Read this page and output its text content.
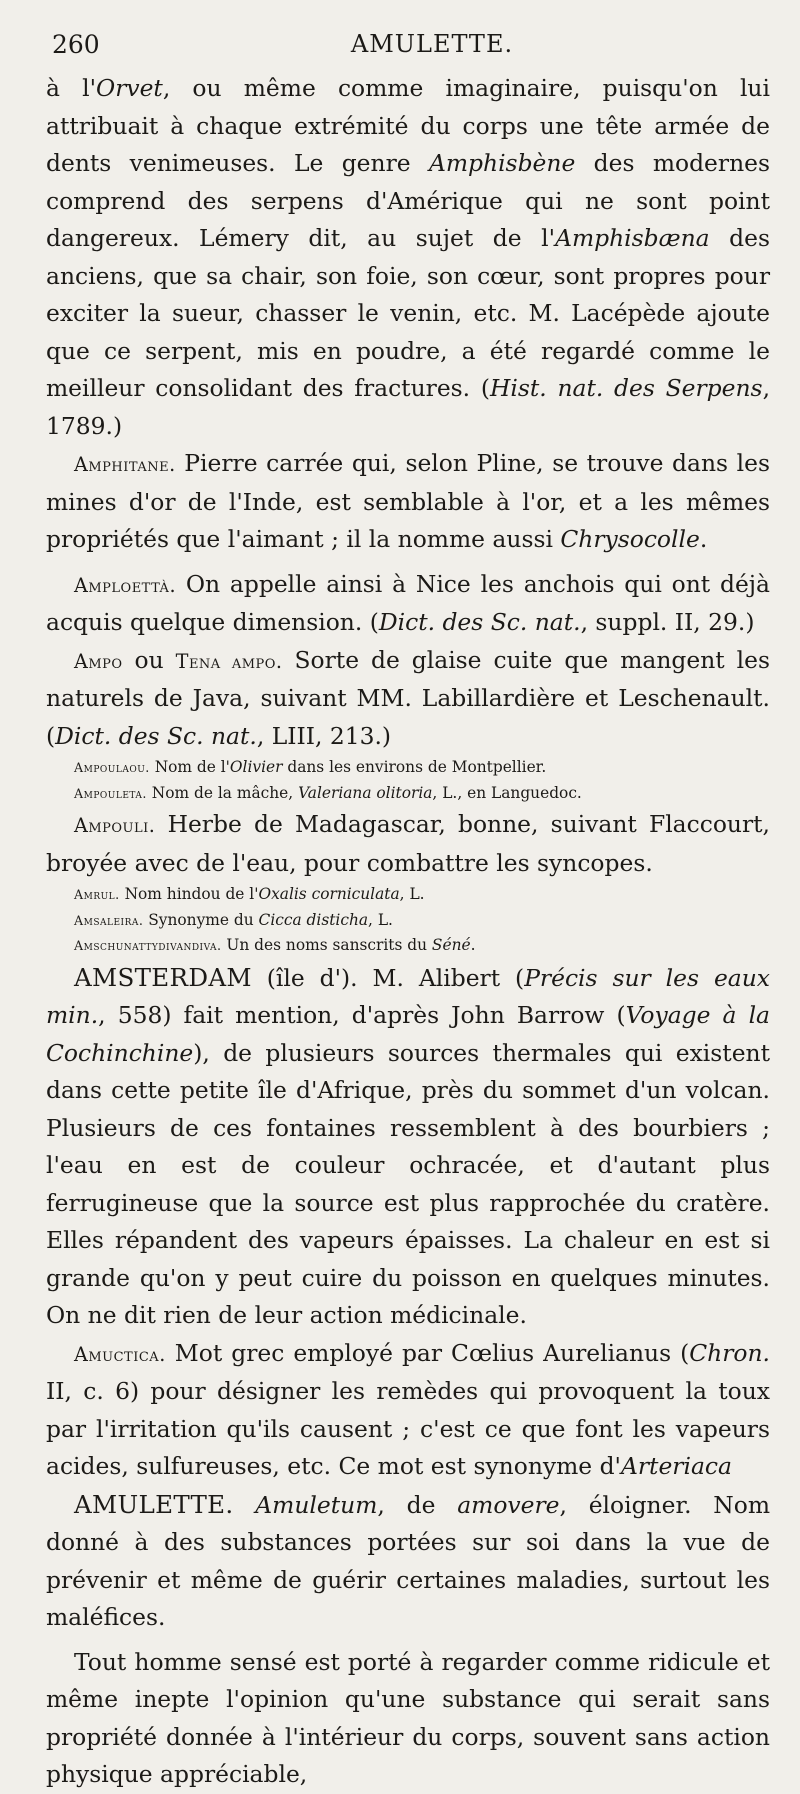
260	AMULETTE.

à l'Orvet, ou même comme imaginaire, puisqu'on lui attribuait à chaque extrémité du corps une tête armée de dents venimeuses. Le genre Amphisbène des modernes comprend des serpens d'Amérique qui ne sont point dangereux. Lémery dit, au sujet de l'Amphisbæna des anciens, que sa chair, son foie, son cœur, sont propres pour exciter la sueur, chasser le venin, etc. M. Lacépède ajoute que ce serpent, mis en poudre, a été regardé comme le meilleur consolidant des fractures. (Hist. nat. des Serpens, 1789.)

Amphitane. Pierre carrée qui, selon Pline, se trouve dans les mines d'or de l'Inde, est semblable à l'or, et a les mêmes propriétés que l'aimant ; il la nomme aussi Chrysocolle.

Amploettà. On appelle ainsi à Nice les anchois qui ont déjà acquis quelque dimension. (Dict. des Sc. nat., suppl. II, 29.)

Ampo ou Tena ampo. Sorte de glaise cuite que mangent les naturels de Java, suivant MM. Labillardière et Leschenault. (Dict. des Sc. nat., LIII, 213.)

Ampoulaou. Nom de l'Olivier dans les environs de Montpellier.

Ampouleta. Nom de la mâche, Valeriana olitoria, L., en Languedoc.

Ampouli. Herbe de Madagascar, bonne, suivant Flaccourt, broyée avec de l'eau, pour combattre les syncopes.

Amrul. Nom hindou de l'Oxalis corniculata, L.

Amsaleira. Synonyme du Cicca disticha, L.

Amschunattydivandiva. Un des noms sanscrits du Séné.

AMSTERDAM (île d'). M. Alibert (Précis sur les eaux min., 558) fait mention, d'après John Barrow (Voyage à la Cochinchine), de plusieurs sources thermales qui existent dans cette petite île d'Afrique, près du sommet d'un volcan. Plusieurs de ces fontaines ressemblent à des bourbiers ; l'eau en est de couleur ochracée, et d'autant plus ferrugineuse que la source est plus rapprochée du cratère. Elles répandent des vapeurs épaisses. La chaleur en est si grande qu'on y peut cuire du poisson en quelques minutes. On ne dit rien de leur action médicinale.

Amuctica. Mot grec employé par Cœlius Aurelianus (Chron. II, c. 6) pour désigner les remèdes qui provoquent la toux par l'irritation qu'ils causent ; c'est ce que font les vapeurs acides, sulfureuses, etc. Ce mot est synonyme d'Arteriaca

AMULETTE. Amuletum, de amovere, éloigner. Nom donné à des substances portées sur soi dans la vue de prévenir et même de guérir certaines maladies, surtout les maléfices.

Tout homme sensé est porté à regarder comme ridicule et même inepte l'opinion qu'une substance qui serait sans propriété donnée à l'intérieur du corps, souvent sans action physique appréciable,
